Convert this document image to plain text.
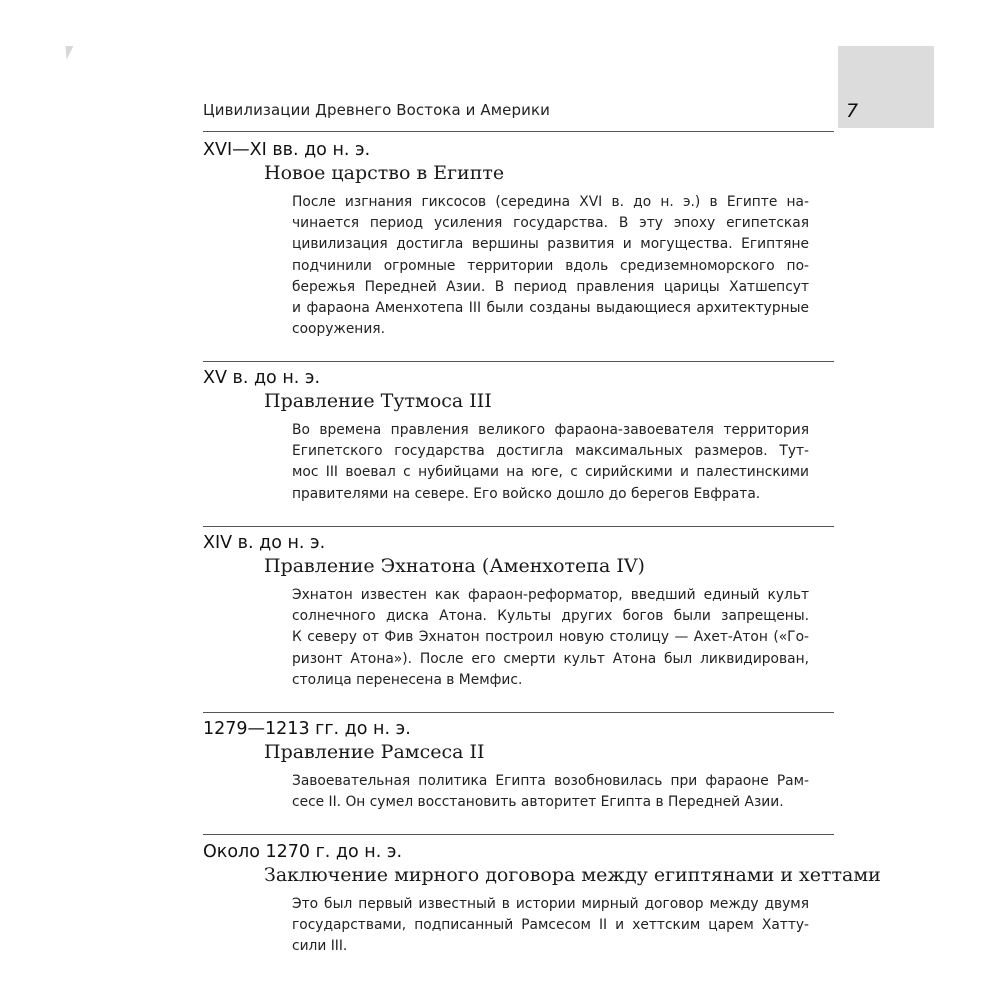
7
Цивилизации Древнего Востока и Америки
XVI—XI вв. до н. э.
Новое царство в Египте
После изгнания гиксосов (середина XVI в. до н. э.) в Египте на-
чинается период усиления государства. В эту эпоху египетская
цивилизация достигла вершины развития и могущества. Египтяне
подчинили огромные территории вдоль средиземноморского по-
бережья Передней Азии. В период правления царицы Хатшепсут
и фараона Аменхотепа III были созданы выдающиеся архитектурные
сооружения.
XV в. до н. э.
Правление Тутмоса III
Во времена правления великого фараона-завоевателя территория
Египетского государства достигла максимальных размеров. Тут-
мос III воевал с нубийцами на юге, с сирийскими и палестинскими
правителями на севере. Его войско дошло до берегов Евфрата.
XIV в. до н. э.
Правление Эхнатона (Аменхотепа IV)
Эхнатон известен как фараон-реформатор, введший единый культ
солнечного диска Атона. Культы других богов были запрещены.
К северу от Фив Эхнатон построил новую столицу — Ахет-Атон («Го-
ризонт Атона»). После его смерти культ Атона был ликвидирован,
столица перенесена в Мемфис.
1279—1213 гг. до н. э.
Правление Рамсеса II
Завоевательная политика Египта возобновилась при фараоне Рам-
сесе II. Он сумел восстановить авторитет Египта в Передней Азии.
Около 1270 г. до н. э.
Заключение мирного договора между египтянами и хеттами
Это был первый известный в истории мирный договор между двумя
государствами, подписанный Рамсесом II и хеттским царем Хатту-
сили III.
